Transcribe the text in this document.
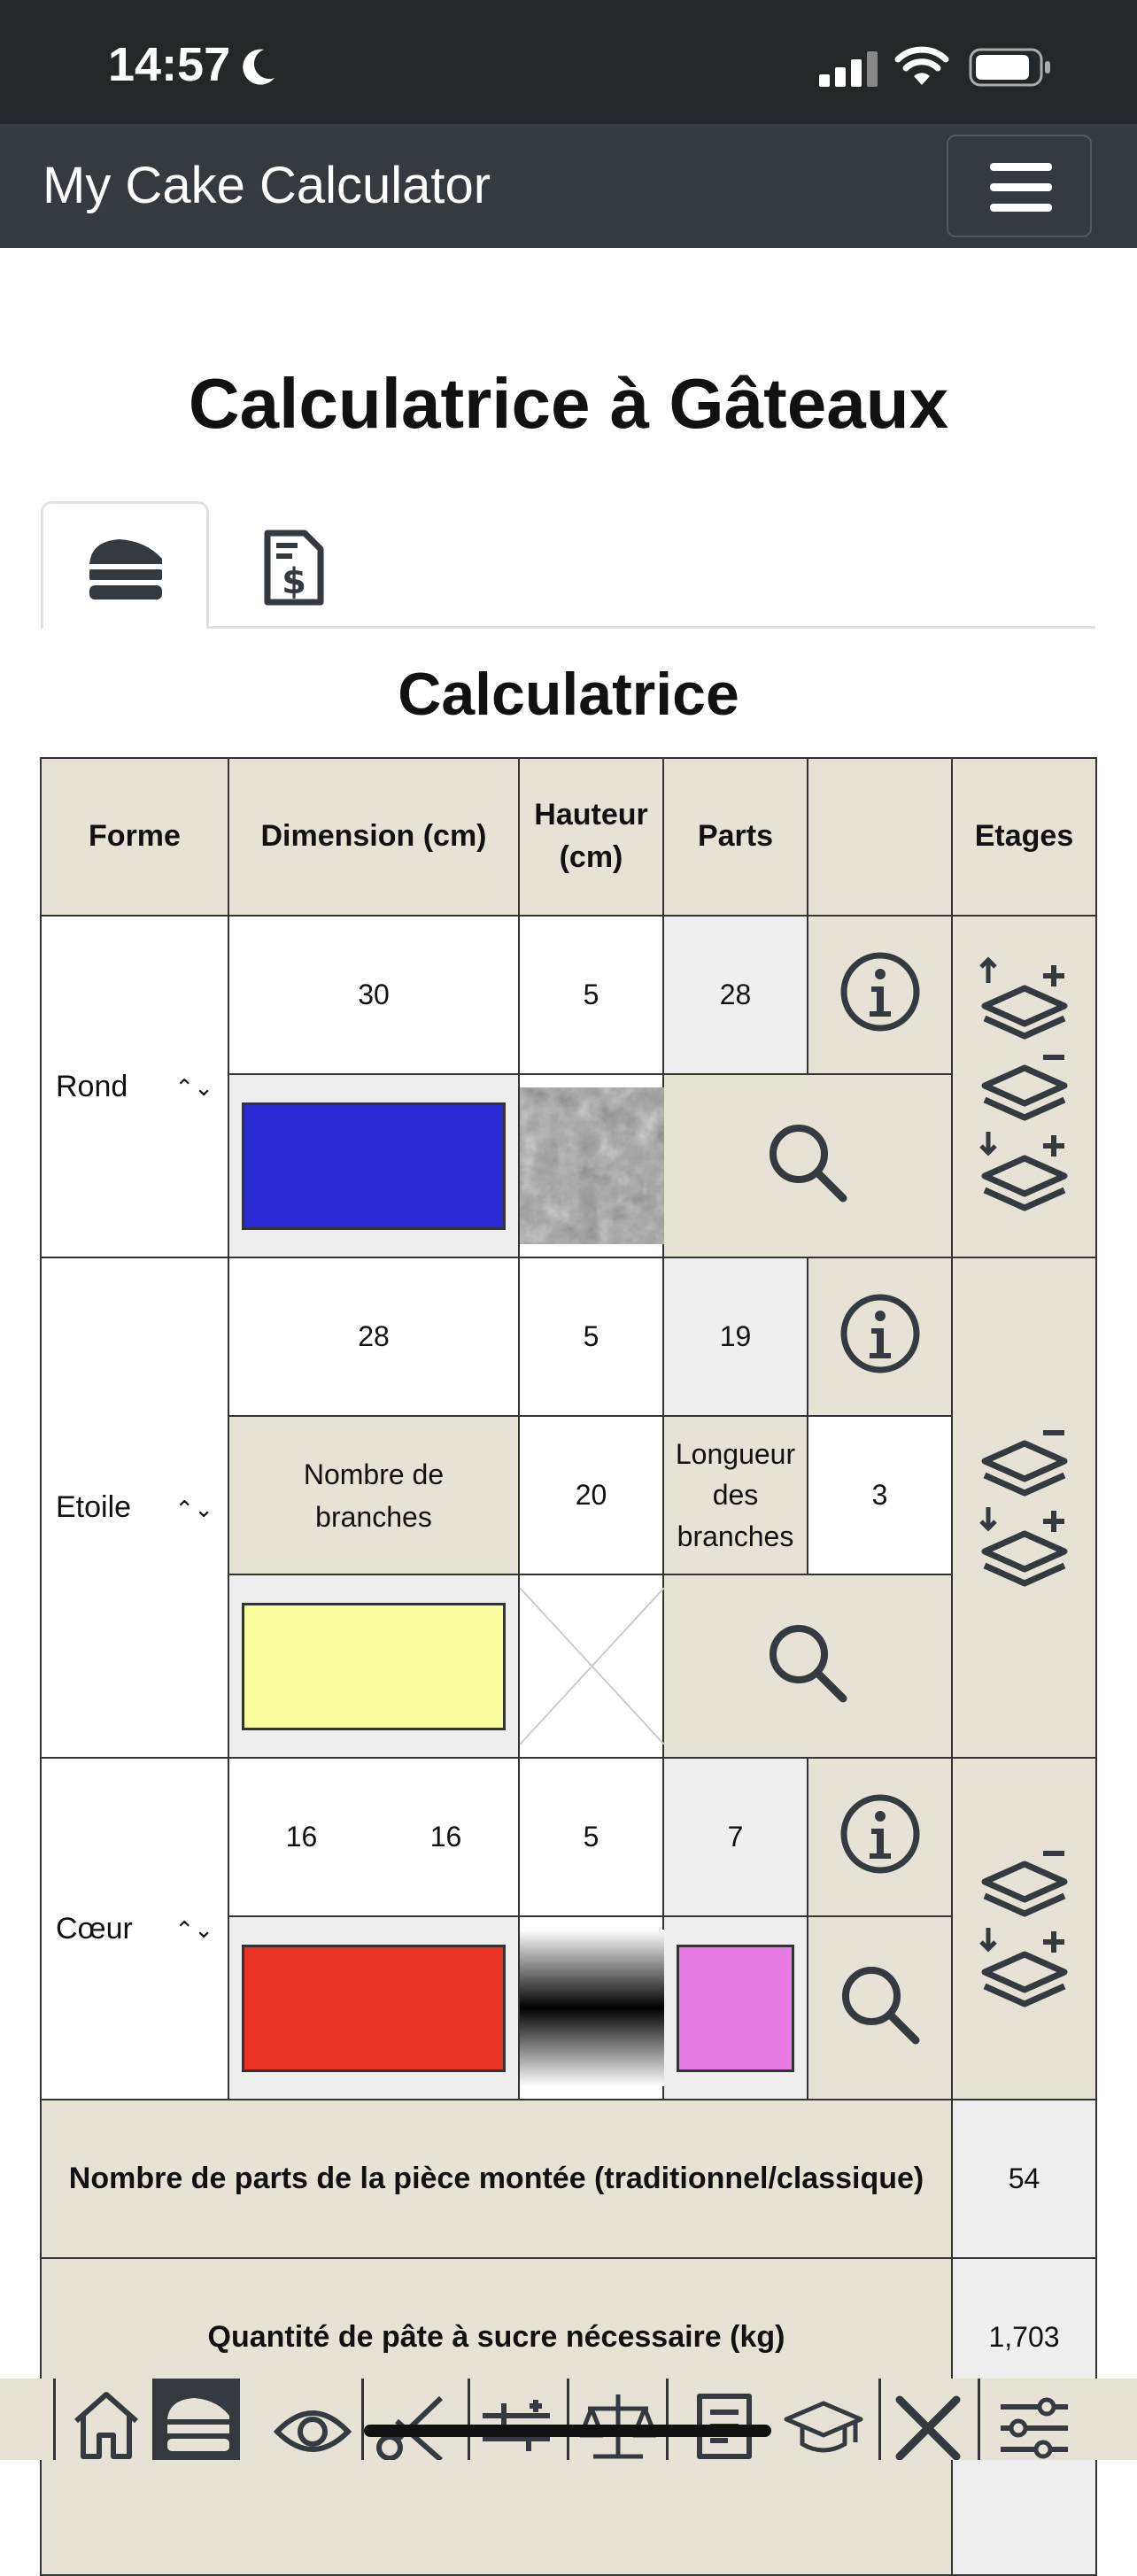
14:57
My Cake Calculator
Calculatrice à Gâteaux
$
Calculatrice
Forme	Dimension (cm)	Hauteur (cm)	Parts		Etages
Rond ⌃⌄	30	5	28		

Etoile ⌃⌄	28	5	19		

	Nombre de branches	20	Longueur des branches	3	

Cœur ⌃⌄	16 16	5	7		

Nombre de parts de la pièce montée (traditionnel/classique)					54
Quantité de pâte à sucre nécessaire (kg)					1,703
